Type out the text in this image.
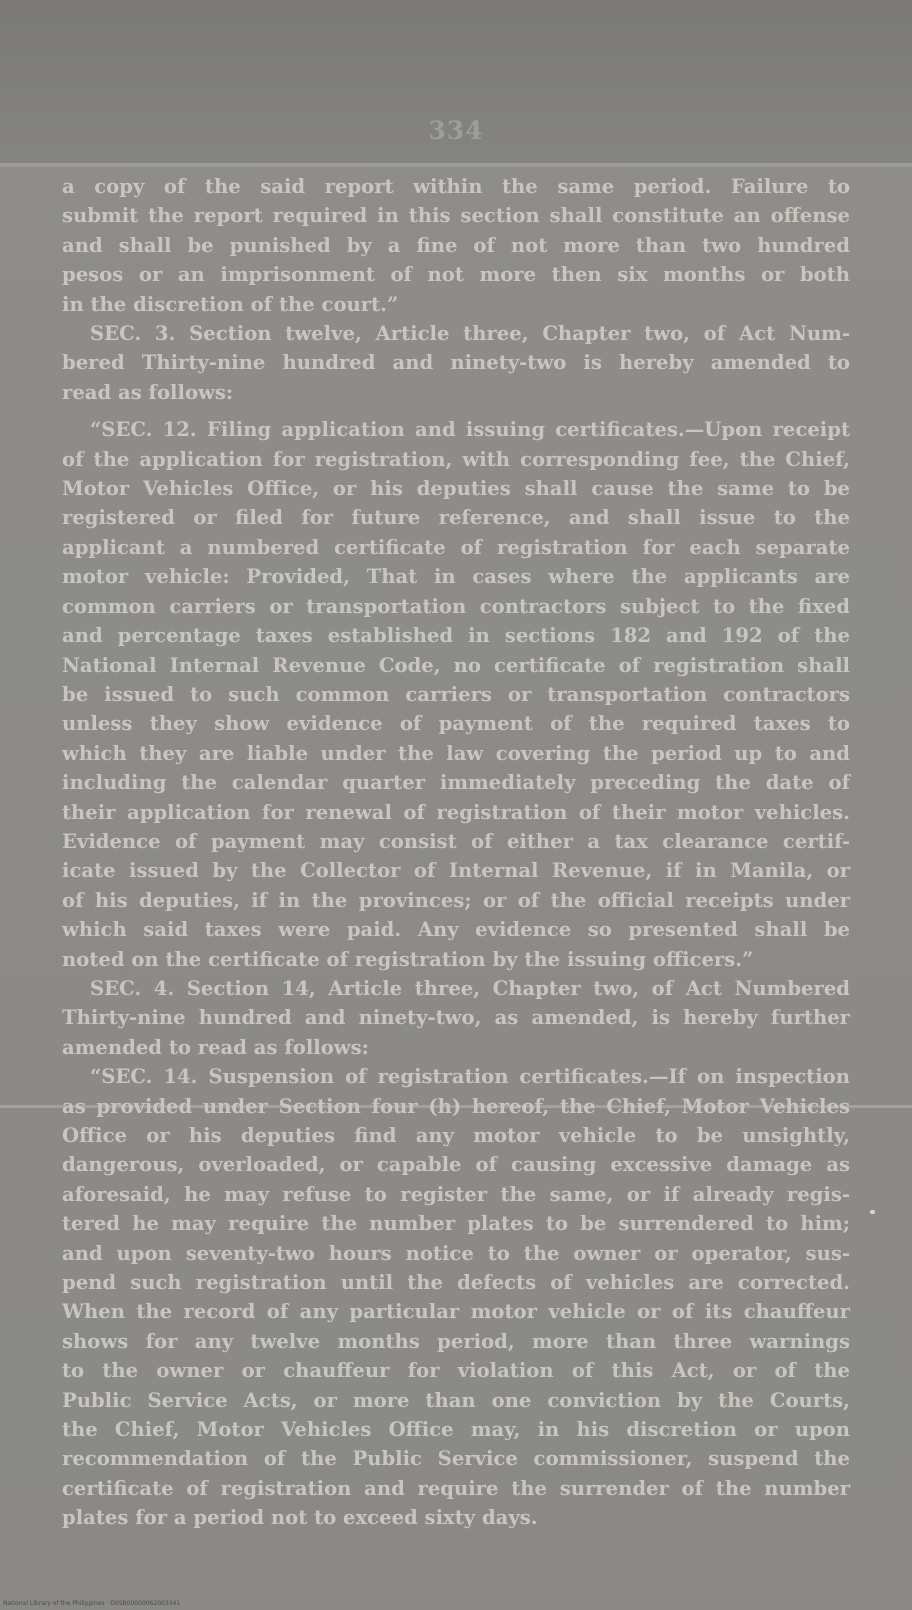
334

a copy of the said report within the same period. Failure to

submit the report required in this section shall constitute an offense

and shall be punished by a fine of not more than two hundred

pesos or an imprisonment of not more then six months or both

in the discretion of the court.”

SEC. 3. Section twelve, Article three, Chapter two, of Act Num-

bered Thirty-nine hundred and ninety-two is hereby amended to

read as follows:

“SEC. 12. Filing application and issuing certificates.—Upon receipt

of the application for registration, with corresponding fee, the Chief,

Motor Vehicles Office, or his deputies shall cause the same to be

registered or filed for future reference, and shall issue to the

applicant a numbered certificate of registration for each separate

motor vehicle: Provided, That in cases where the applicants are

common carriers or transportation contractors subject to the fixed

and percentage taxes established in sections 182 and 192 of the

National Internal Revenue Code, no certificate of registration shall

be issued to such common carriers or transportation contractors

unless they show evidence of payment of the required taxes to

which they are liable under the law covering the period up to and

including the calendar quarter immediately preceding the date of

their application for renewal of registration of their motor vehicles.

Evidence of payment may consist of either a tax clearance certif-

icate issued by the Collector of Internal Revenue, if in Manila, or

of his deputies, if in the provinces; or of the official receipts under

which said taxes were paid. Any evidence so presented shall be

noted on the certificate of registration by the issuing officers.”

SEC. 4. Section 14, Article three, Chapter two, of Act Numbered

Thirty-nine hundred and ninety-two, as amended, is hereby further

amended to read as follows:

“SEC. 14. Suspension of registration certificates.—If on inspection

as provided under Section four (h) hereof, the Chief, Motor Vehicles

Office or his deputies find any motor vehicle to be unsightly,

dangerous, overloaded, or capable of causing excessive damage as

aforesaid, he may refuse to register the same, or if already regis-

tered he may require the number plates to be surrendered to him;

and upon seventy-two hours notice to the owner or operator, sus-

pend such registration until the defects of vehicles are corrected.

When the record of any particular motor vehicle or of its chauffeur

shows for any twelve months period, more than three warnings

to the owner or chauffeur for violation of this Act, or of the

Public Service Acts, or more than one conviction by the Courts,

the Chief, Motor Vehicles Office may, in his discretion or upon

recommendation of the Public Service commissioner, suspend the

certificate of registration and require the surrender of the number

plates for a period not to exceed sixty days.

National Library of the Philippines · D0SB00000062003341
